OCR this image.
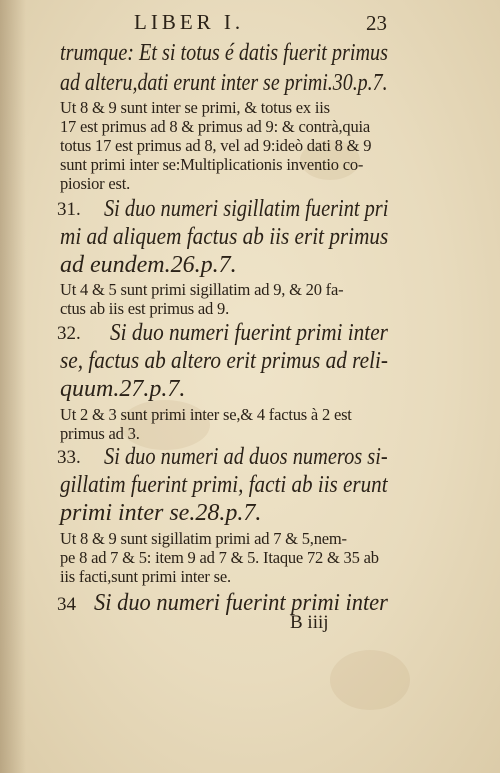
LIBER I.	23
trumque: Et si totus é datis fuerit primus
ad alteru,dati erunt inter se primi.30.p.7.
Ut 8 & 9 sunt inter se primi, & totus ex iis
17 est primus ad 8 & primus ad 9: & contrà,quia
totus 17 est primus ad 8, vel ad 9:ideò dati 8 & 9
sunt primi inter se:Multiplicationis inventio co-
piosior est.
31. Si duo numeri sigillatim fuerint pri
mi ad aliquem factus ab iis erit primus
ad eundem.26.p.7.
Ut 4 & 5 sunt primi sigillatim ad 9, & 20 fa-
ctus ab iis est primus ad 9.
32. Si duo numeri fuerint primi inter
se, factus ab altero erit primus ad reli-
quum.27.p.7.
Ut 2 & 3 sunt primi inter se,& 4 factus à 2 est
primus ad 3.
33. Si duo numeri ad duos numeros si-
gillatim fuerint primi, facti ab iis erunt
primi inter se.28.p.7.
Ut 8 & 9 sunt sigillatim primi ad 7 & 5,nem-
pe 8 ad 7 & 5: item 9 ad 7 & 5. Itaque 72 & 35 ab
iis facti,sunt primi inter se.
34 Si duo numeri fuerint primi inter
B iiij
